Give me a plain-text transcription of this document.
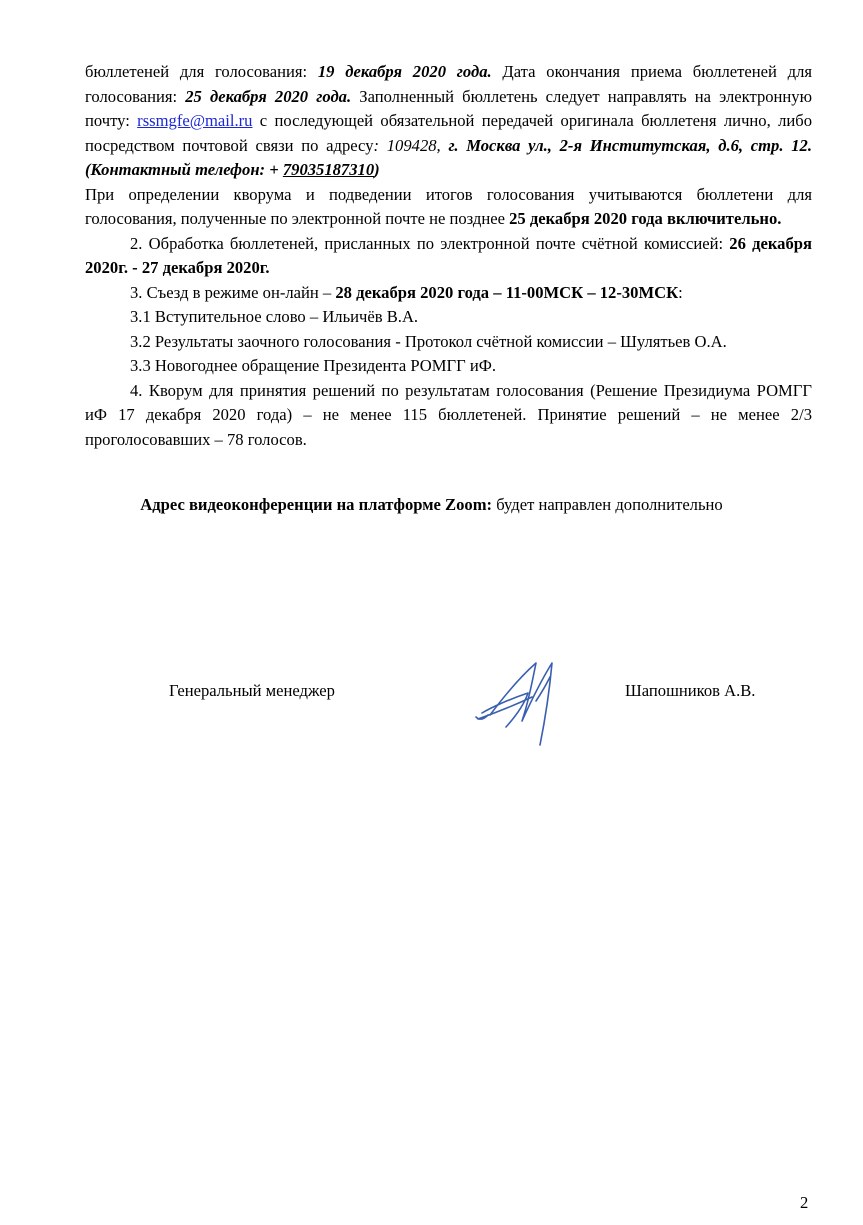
бюллетеней для голосования: 19 декабря 2020 года. Дата окончания приема бюллетеней для голосования: 25 декабря 2020 года. Заполненный бюллетень следует направлять на электронную почту: rssmgfe@mail.ru с последующей обязательной передачей оригинала бюллетеня лично, либо посредством почтовой связи по адресу: 109428, г. Москва ул., 2-я Институтская, д.6, стр. 12. (Контактный телефон: + 79035187310)

При определении кворума и подведении итогов голосования учитываются бюллетени для голосования, полученные по электронной почте не позднее 25 декабря 2020 года включительно.

2. Обработка бюллетеней, присланных по электронной почте счётной комиссией: 26 декабря 2020г. - 27 декабря 2020г.

3. Съезд в режиме он-лайн – 28 декабря 2020 года – 11-00МСК – 12-30МСК:

3.1 Вступительное слово – Ильичёв В.А.

3.2 Результаты заочного голосования - Протокол счётной комиссии – Шулятьев О.А.

3.3 Новогоднее обращение Президента РОМГГ иФ.

4. Кворум для принятия решений по результатам голосования (Решение Президиума РОМГГ иФ 17 декабря 2020 года) – не менее 115 бюллетеней. Принятие решений – не менее 2/3 проголосовавших – 78 голосов.

Адрес видеоконференции на платформе Zoom: будет направлен дополнительно
Генеральный менеджер	Шапошников А.В.
2
